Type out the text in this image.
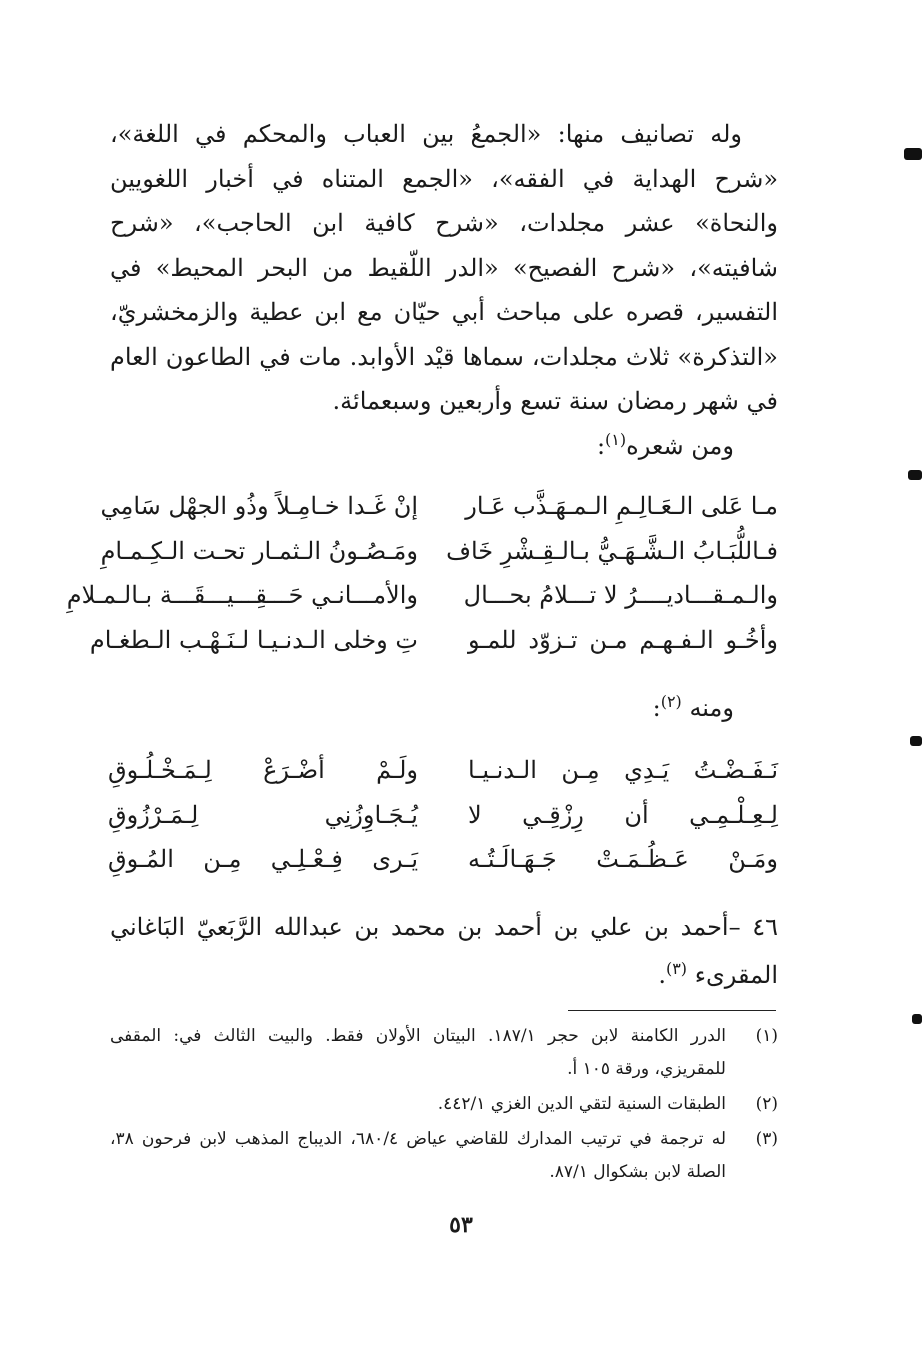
وله تصانيف منها: «الجمعُ بين العباب والمحكم في اللغة»، «شرح الهداية في الفقه»، «الجمع المتناه في أخبار اللغويين والنحاة» عشر مجلدات، «شرح كافية ابن الحاجب»، «شرح شافيته»، «شرح الفصيح» «الدر اللّقيط من البحر المحيط» في التفسير، قصره على مباحث أبي حيّان مع ابن عطية والزمخشريّ، «التذكرة» ثلاث مجلدات، سماها قيْد الأوابد. مات في الطاعون العام في شهر رمضان سنة تسع وأربعين وسبعمائة.

ومن شعره$^{(١)}$:
مـا عَلى الـعَـالِـمِ الـمـهَـذَّب عَـار
إنْ غَـدا خـامِـلاً وذُو الجهْل سَامِي
فـاللُّبَـابُ الـشَّـهَـيُّ بـالـقِـشْرِ خَاف
ومَـصُـونُ الـثمـار تحـت الـكِـمـامِ
والـمـقـــاديــــرُ لا تـــلامُ بحـــال
والأمـــانـي حَـــقِـــيـــقَـــة بـالـمـلامِ
وأخُـو الـفـهـم مـن تـزوّد للمـو
تِ وخلى الـدنـيـا لـنَـهْـب الـطغـام
ومنه $^{(٢)}$:
نَـفَـضْـتُ يَـدِي مِـن الـدنـيـا
ولَـمْ أضْـرَعْ لِـمَـخْـلُـوقِ
لِـعِـلْـمِـي أن رِزْقِـي لا
يُـجَـاوِزُنِي لِـمَـرْزُوقِ
ومَـنْ عَـظُـمَـتْ جَـهَـالَـتُـه
يَـرى فِـعْـلِـي مِـن المُـوقِ
٤٦ –أحمد بن علي بن أحمد بن محمد بن عبدالله الرَّبَعيّ البَاغاني المقرىء $^{(٣)}$.
(١)
الدرر الكامنة لابن حجر ١٨٧/١. البيتان الأولان فقط. والبيت الثالث في: المقفى للمقريزي، ورقة ١٠٥ أ.
(٢)
الطبقات السنية لتقي الدين الغزي ٤٤٢/١.
(٣)
له ترجمة في ترتيب المدارك للقاضي عياض ٦٨٠/٤، الديباج المذهب لابن فرحون ٣٨، الصلة لابن بشكوال ٨٧/١.
٥٣
